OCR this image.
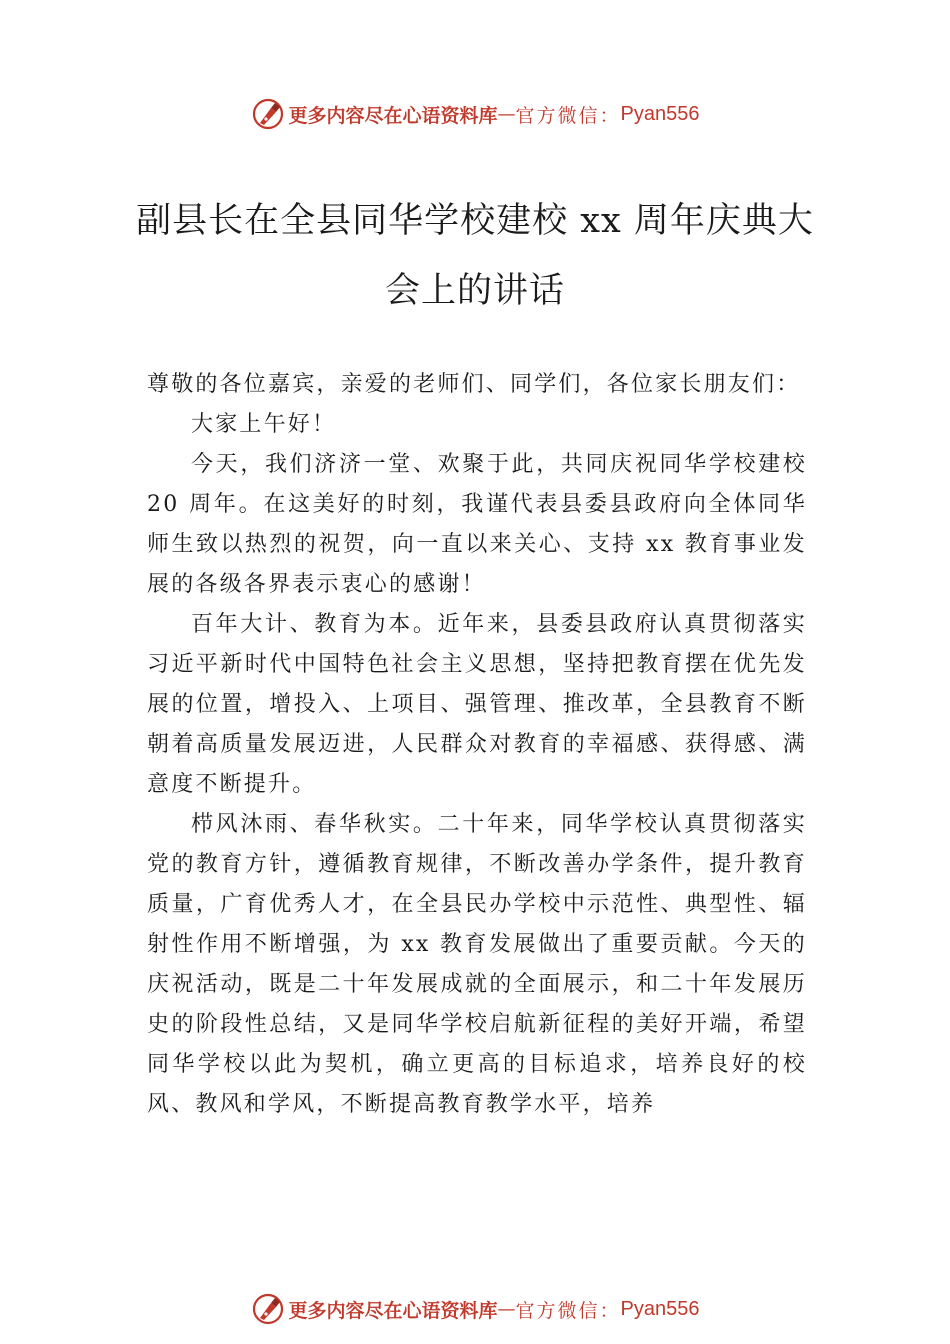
更多内容尽在心语资料库 — 官方微信： Pyan556
副县长在全县同华学校建校 xx 周年庆典大
会上的讲话

尊敬的各位嘉宾，亲爱的老师们、同学们，各位家长朋友们：

大家上午好！

今天，我们济济一堂、欢聚于此，共同庆祝同华学校建校 20 周年。在这美好的时刻，我谨代表县委县政府向全体同华师生致以热烈的祝贺，向一直以来关心、支持 xx 教育事业发展的各级各界表示衷心的感谢！

百年大计、教育为本。近年来，县委县政府认真贯彻落实习近平新时代中国特色社会主义思想，坚持把教育摆在优先发展的位置，增投入、上项目、强管理、推改革，全县教育不断朝着高质量发展迈进，人民群众对教育的幸福感、获得感、满意度不断提升。

栉风沐雨、春华秋实。二十年来，同华学校认真贯彻落实党的教育方针，遵循教育规律，不断改善办学条件，提升教育质量，广育优秀人才，在全县民办学校中示范性、典型性、辐射性作用不断增强，为 xx 教育发展做出了重要贡献。今天的庆祝活动，既是二十年发展成就的全面展示，和二十年发展历史的阶段性总结，又是同华学校启航新征程的美好开端，希望同华学校以此为契机，确立更高的目标追求，培养良好的校风、教风和学风，不断提高教育教学水平，培养

更多内容尽在心语资料库 — 官方微信： Pyan556
